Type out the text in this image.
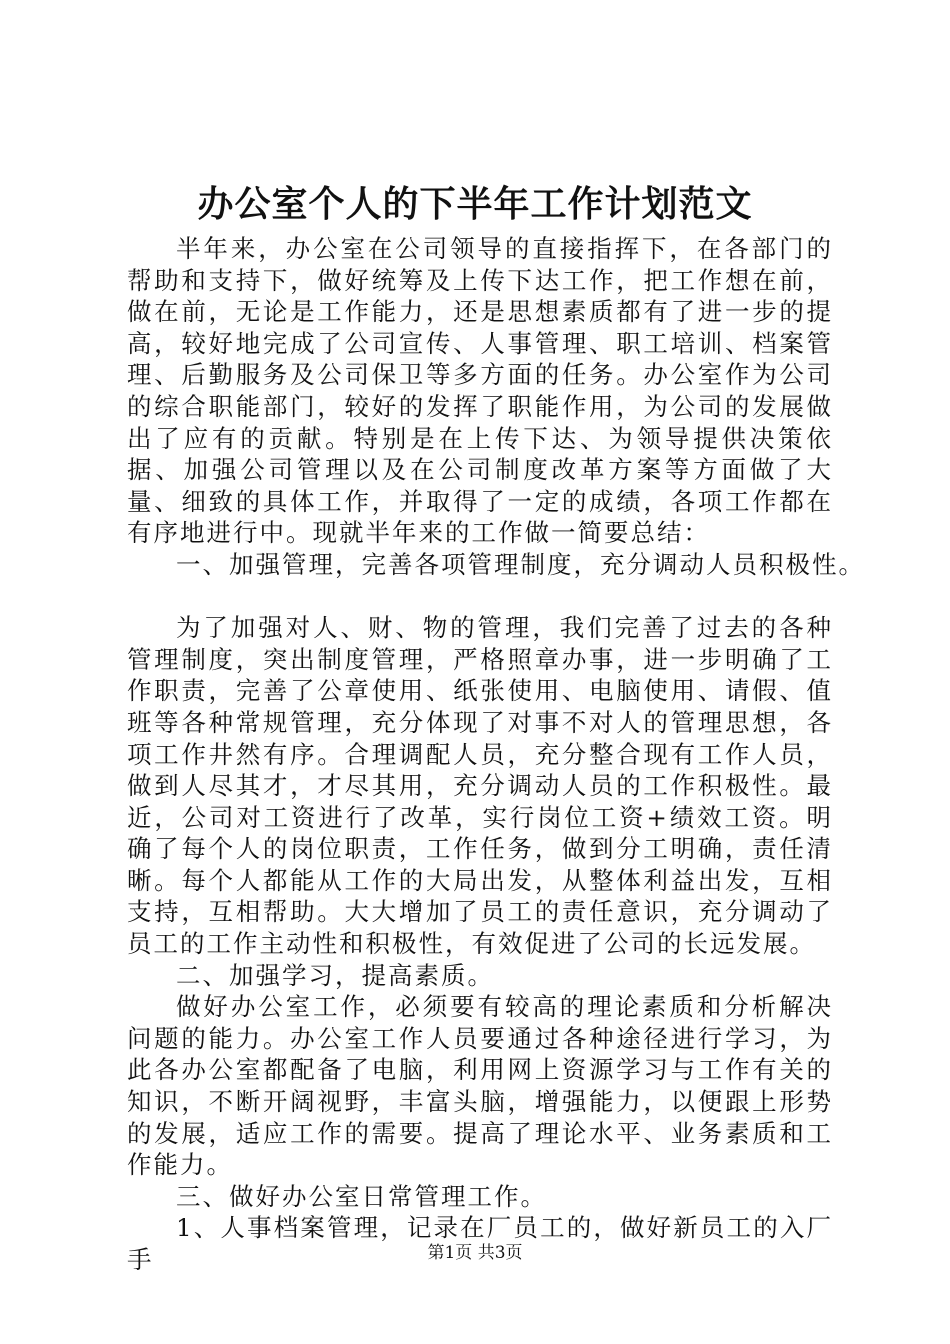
办公室个人的下半年工作计划范文

半年来，办公室在公司领导的直接指挥下，在各部门的帮助和支持下，做好统筹及上传下达工作，把工作想在前，做在前，无论是工作能力，还是思想素质都有了进一步的提高，较好地完成了公司宣传、人事管理、职工培训、档案管理、后勤服务及公司保卫等多方面的任务。办公室作为公司的综合职能部门，较好的发挥了职能作用，为公司的发展做出了应有的贡献。特别是在上传下达、为领导提供决策依据、加强公司管理以及在公司制度改革方案等方面做了大量、细致的具体工作，并取得了一定的成绩，各项工作都在有序地进行中。现就半年来的工作做一简要总结：

一、加强管理，完善各项管理制度，充分调动人员积极性。

为了加强对人、财、物的管理，我们完善了过去的各种管理制度，突出制度管理，严格照章办事，进一步明确了工作职责，完善了公章使用、纸张使用、电脑使用、请假、值班等各种常规管理，充分体现了对事不对人的管理思想，各项工作井然有序。合理调配人员，充分整合现有工作人员，做到人尽其才，才尽其用，充分调动人员的工作积极性。最近，公司对工资进行了改革，实行岗位工资+绩效工资。明确了每个人的岗位职责，工作任务，做到分工明确，责任清晰。每个人都能从工作的大局出发，从整体利益出发，互相支持，互相帮助。大大增加了员工的责任意识，充分调动了员工的工作主动性和积极性，有效促进了公司的长远发展。

二、加强学习，提高素质。

做好办公室工作，必须要有较高的理论素质和分析解决问题的能力。办公室工作人员要通过各种途径进行学习，为此各办公室都配备了电脑，利用网上资源学习与工作有关的知识，不断开阔视野，丰富头脑，增强能力，以便跟上形势的发展，适应工作的需要。提高了理论水平、业务素质和工作能力。

三、做好办公室日常管理工作。

1、人事档案管理，记录在厂员工的，做好新员工的入厂手	第1页 共3页
